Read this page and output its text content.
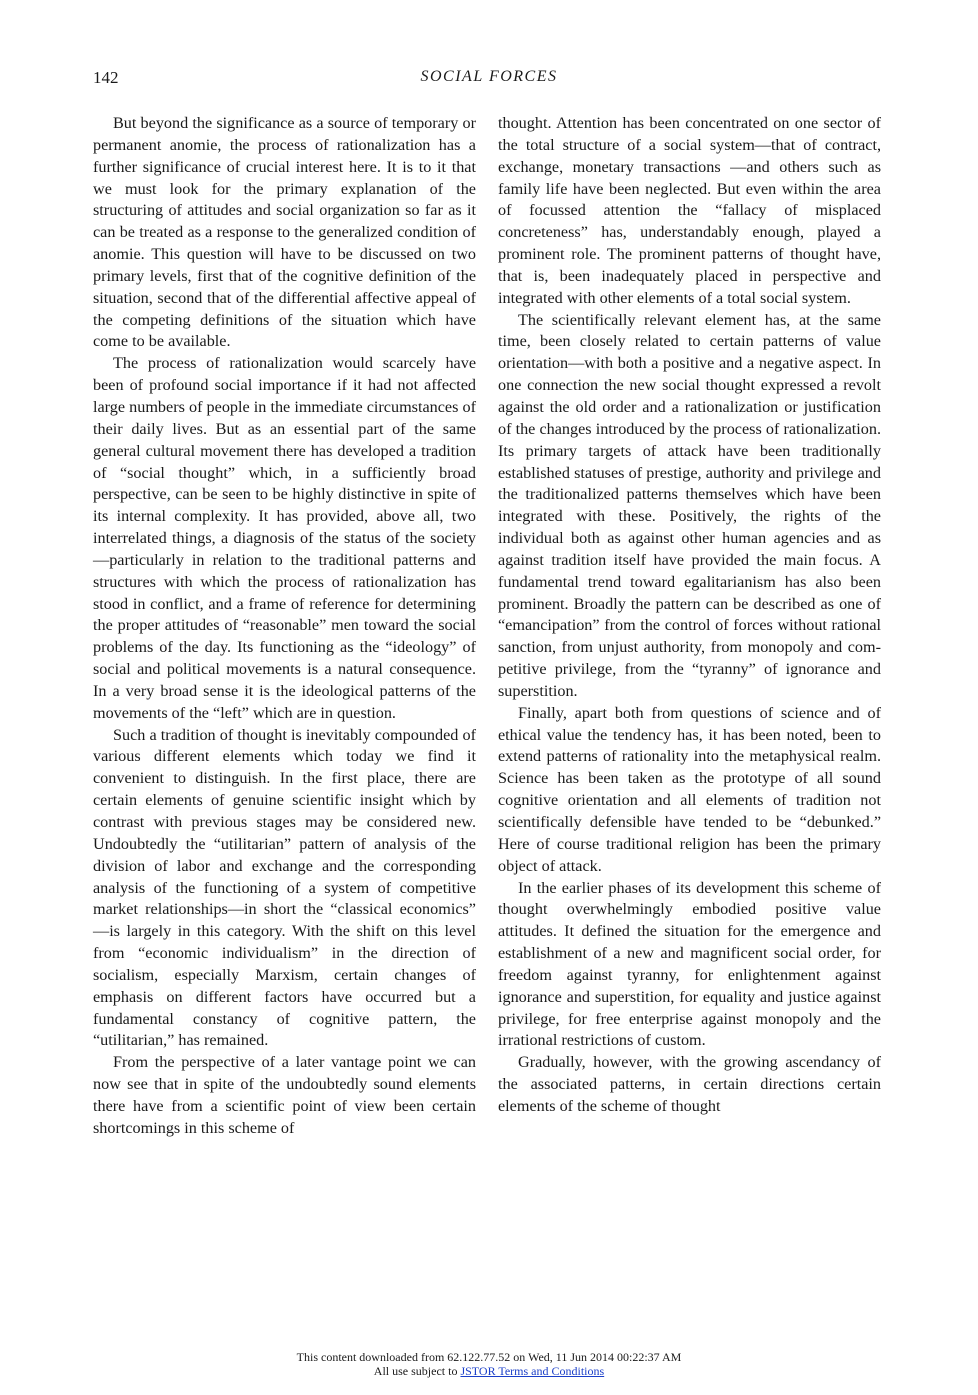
142	SOCIAL FORCES

But beyond the significance as a source of temporary or permanent anomie, the process of rationalization has a further significance of crucial interest here. It is to it that we must look for the primary explanation of the structuring of attitudes and social organization so far as it can be treated as a response to the generalized condition of anomie. This question will have to be discussed on two primary levels, first that of the cognitive definition of the situation, second that of the differential affective appeal of the competing definitions of the situation which have come to be available.

The process of rationalization would scarcely have been of profound social importance if it had not affected large numbers of people in the immediate circumstances of their daily lives. But as an essential part of the same general cultural movement there has developed a tradition of “social thought” which, in a sufficiently broad perspective, can be seen to be highly distinctive in spite of its internal complexity. It has provided, above all, two interrelated things, a diagnosis of the status of the society—particularly in relation to the traditional patterns and structures with which the process of rationalization has stood in conflict, and a frame of reference for determining the proper attitudes of “reasonable” men toward the social problems of the day. Its functioning as the “ideology” of social and political movements is a natural consequence. In a very broad sense it is the ideological patterns of the movements of the “left” which are in question.

Such a tradition of thought is inevitably compounded of various different elements which today we find it convenient to distinguish. In the first place, there are certain elements of genuine scientific insight which by contrast with previous stages may be considered new. Undoubtedly the “utilitarian” pattern of analysis of the division of labor and exchange and the corresponding analysis of the functioning of a system of competitive market relationships—in short the “classical economics” —is largely in this category. With the shift on this level from “economic individualism” in the direction of socialism, especially Marxism, certain changes of emphasis on different factors have occurred but a fundamental constancy of cognitive pattern, the “utilitarian,” has remained.

From the perspective of a later vantage point we can now see that in spite of the undoubtedly sound elements there have from a scientific point of view been certain shortcomings in this scheme of

thought. Attention has been concentrated on one sector of the total structure of a social system—that of contract, exchange, monetary transactions —and others such as family life have been neglected. But even within the area of focussed attention the “fallacy of misplaced concreteness” has, understandably enough, played a prominent role. The prominent patterns of thought have, that is, been inadequately placed in perspective and integrated with other elements of a total social system.

The scientifically relevant element has, at the same time, been closely related to certain patterns of value orientation—with both a positive and a negative aspect. In one connection the new social thought expressed a revolt against the old order and a rationalization or justification of the changes introduced by the process of rationalization. Its primary targets of attack have been traditionally established statuses of prestige, authority and privilege and the traditionalized patterns themselves which have been integrated with these. Positively, the rights of the individual both as against other human agencies and as against tradition itself have provided the main focus. A fundamental trend toward egalitarianism has also been prominent. Broadly the pattern can be described as one of “emancipation” from the control of forces without rational sanction, from unjust authority, from monopoly and competitive privilege, from the “tyranny” of ignorance and superstition.

Finally, apart both from questions of science and of ethical value the tendency has, it has been noted, been to extend patterns of rationality into the metaphysical realm. Science has been taken as the prototype of all sound cognitive orientation and all elements of tradition not scientifically defensible have tended to be “debunked.” Here of course traditional religion has been the primary object of attack.

In the earlier phases of its development this scheme of thought overwhelmingly embodied positive value attitudes. It defined the situation for the emergence and establishment of a new and magnificent social order, for freedom against tyranny, for enlightenment against ignorance and superstition, for equality and justice against privilege, for free enterprise against monopoly and the irrational restrictions of custom.

Gradually, however, with the growing ascendancy of the associated patterns, in certain directions certain elements of the scheme of thought

This content downloaded from 62.122.77.52 on Wed, 11 Jun 2014 00:22:37 AM
All use subject to JSTOR Terms and Conditions
